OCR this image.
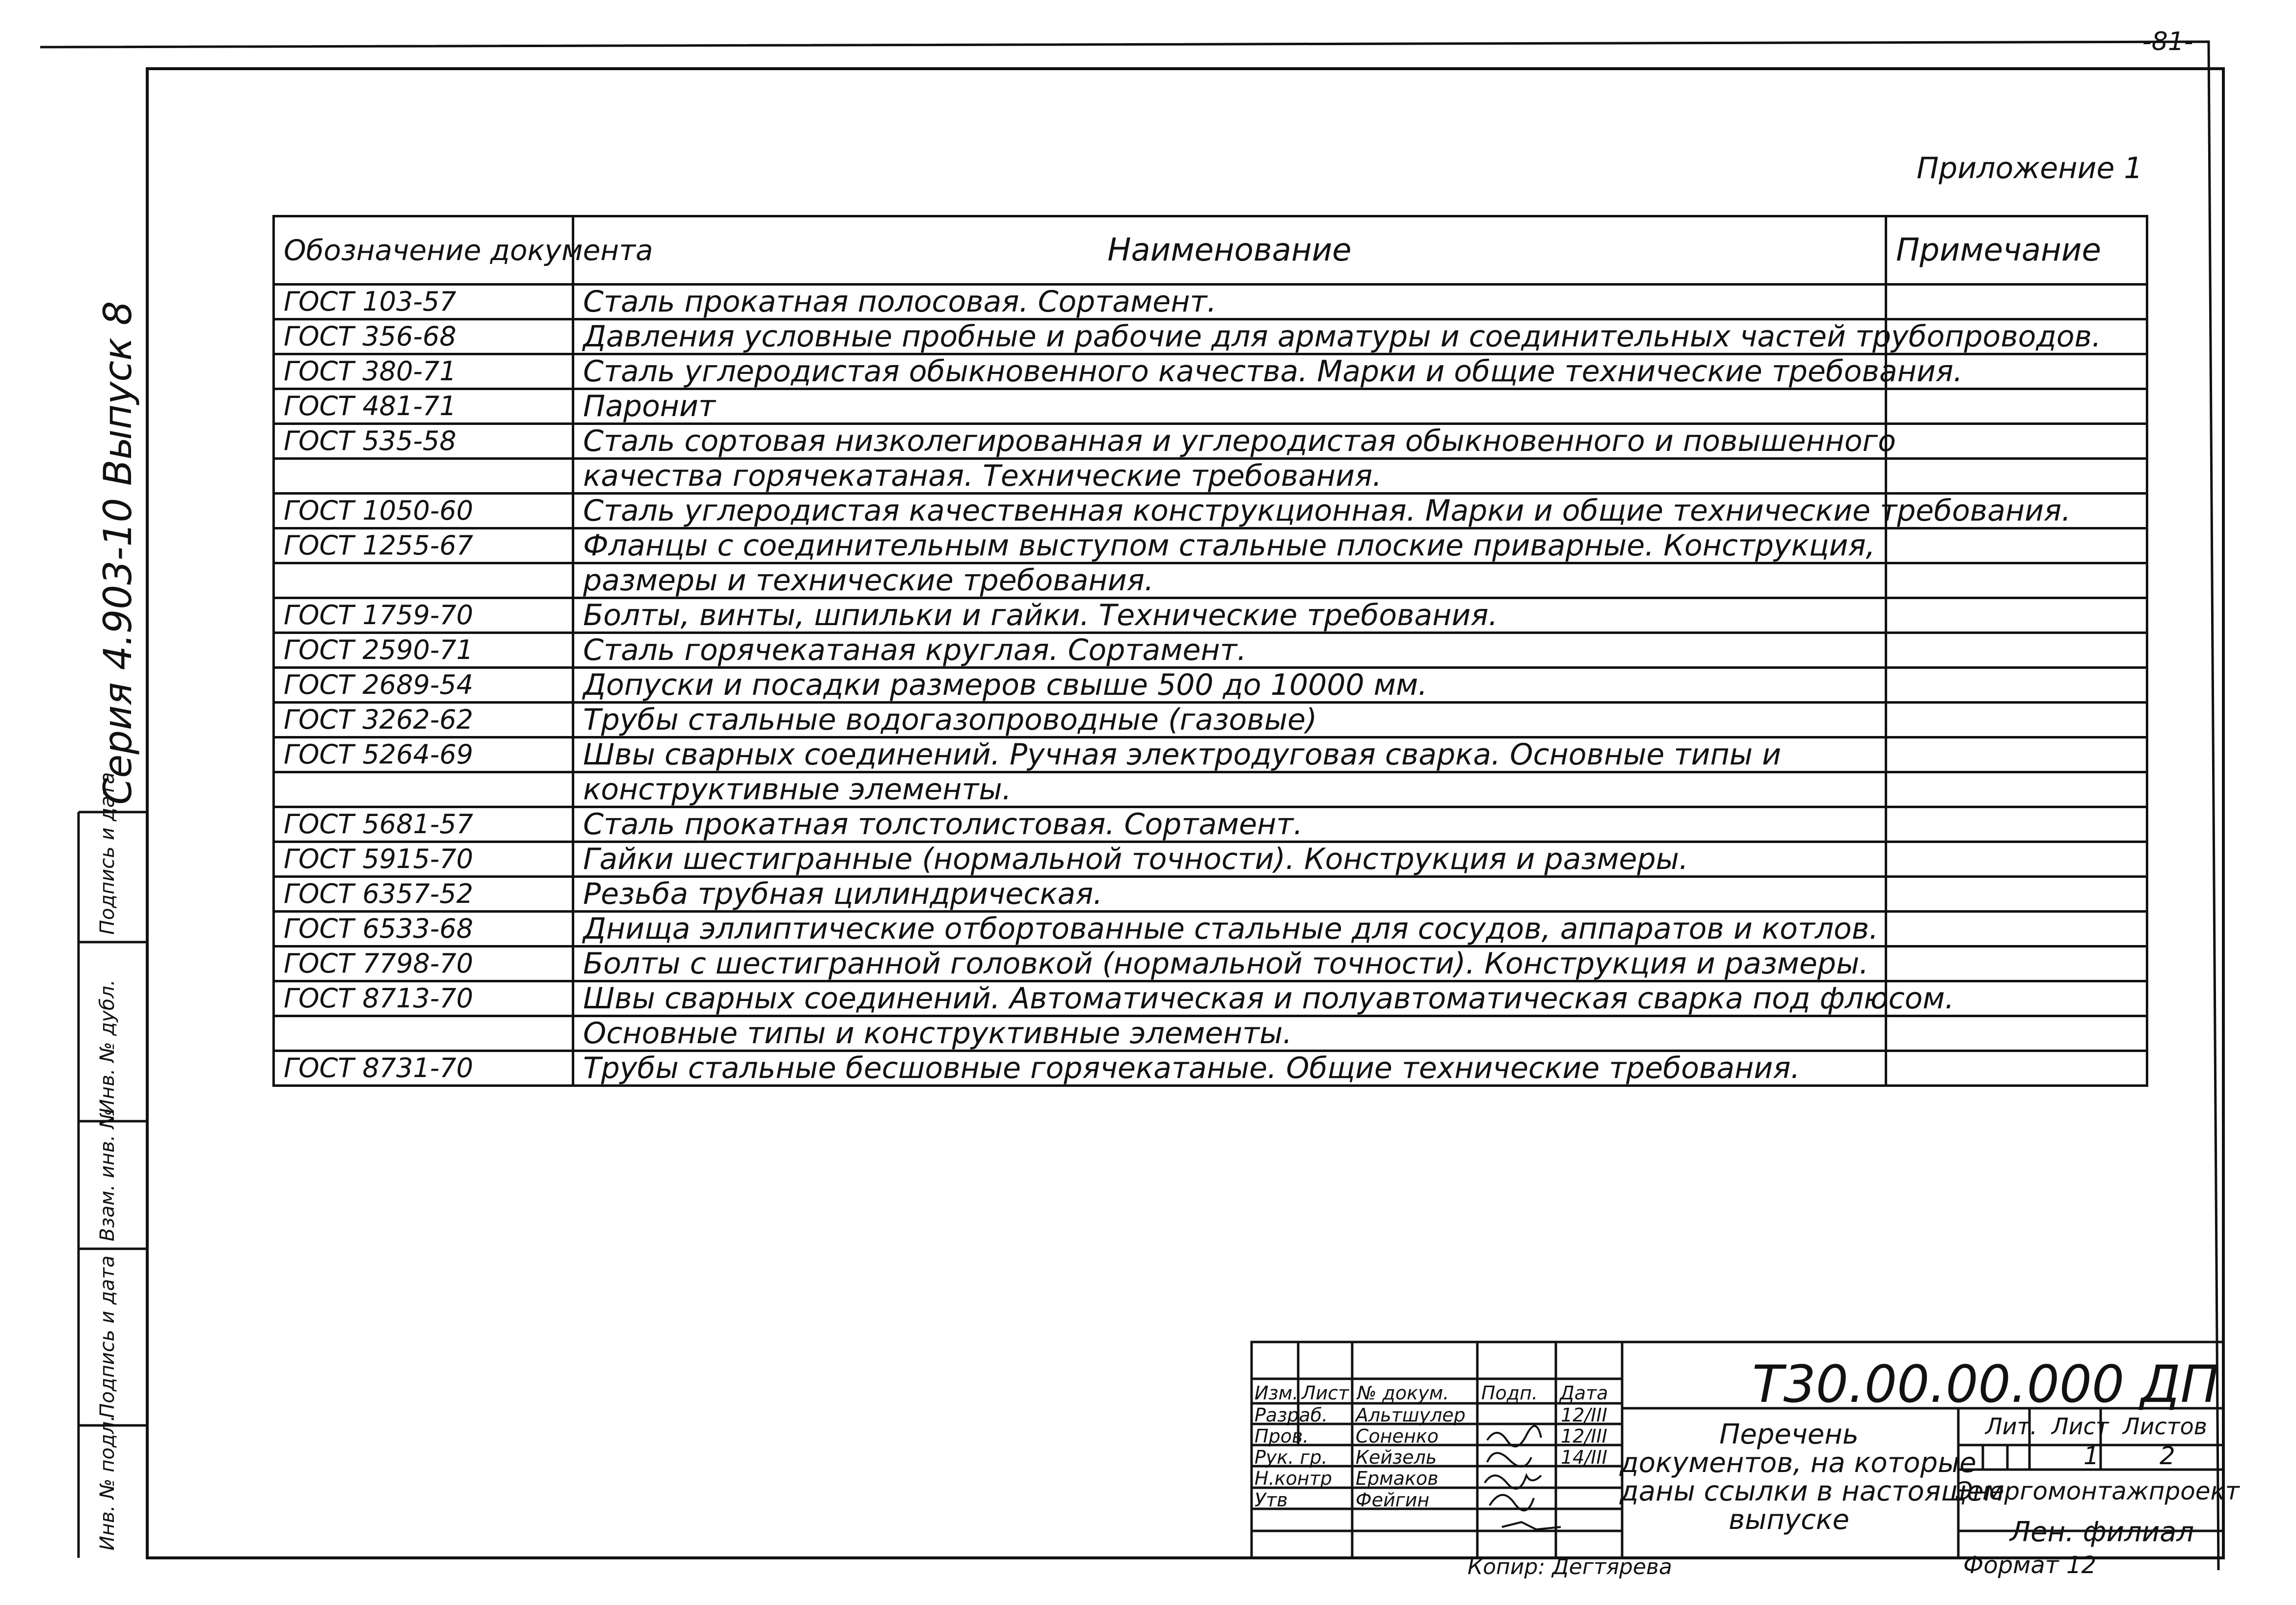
-81-
Приложение 1
Обозначение документа	Наименование	Примечание
ГОСТ 103-57	Сталь прокатная полосовая. Сортамент.	
ГОСТ 356-68	Давления условные пробные и рабочие для арматуры и соединительных частей трубопроводов.	
ГОСТ 380-71	Сталь углеродистая обыкновенного качества. Марки и общие технические требования.	
ГОСТ 481-71	Паронит	
ГОСТ 535-58	Сталь сортовая низколегированная и углеродистая обыкновенного и повышенного	
	качества горячекатаная. Технические требования.	
ГОСТ 1050-60	Сталь углеродистая качественная конструкционная. Марки и общие технические требования.	
ГОСТ 1255-67	Фланцы с соединительным выступом стальные плоские приварные. Конструкция,	
	размеры и технические требования.	
ГОСТ 1759-70	Болты, винты, шпильки и гайки. Технические требования.	
ГОСТ 2590-71	Сталь горячекатаная круглая. Сортамент.	
ГОСТ 2689-54	Допуски и посадки размеров свыше 500 до 10000 мм.	
ГОСТ 3262-62	Трубы стальные водогазопроводные (газовые)	
ГОСТ 5264-69	Швы сварных соединений. Ручная электродуговая сварка. Основные типы и	
	конструктивные элементы.	
ГОСТ 5681-57	Сталь прокатная толстолистовая. Сортамент.	
ГОСТ 5915-70	Гайки шестигранные (нормальной точности). Конструкция и размеры.	
ГОСТ 6357-52	Резьба трубная цилиндрическая.	
ГОСТ 6533-68	Днища эллиптические отбортованные стальные для сосудов, аппаратов и котлов.	
ГОСТ 7798-70	Болты с шестигранной головкой (нормальной точности). Конструкция и размеры.	
ГОСТ 8713-70	Швы сварных соединений. Автоматическая и полуавтоматическая сварка под флюсом.	
	Основные типы и конструктивные элементы.	
ГОСТ 8731-70	Трубы стальные бесшовные горячекатаные. Общие технические требования.	
Серия 4.903-10 Выпуск 8
Подпись и дата
Инв. № дубл.
Взам. инв. №
Подпись и дата
Инв. № подл.
Т30.00.00.000 ДП
Перечень
документов, на которые
даны ссылки в настоящем
выпуске
Лит. Лист Листов
1 2
Энергомонтажпроект
Лен. филиал
Копир: Дегтярева	Формат 12
Изм. Лист № докум. Подп. Дата
Разраб. Альтшулер	12/III
Пров.	Соненко	12/III
Рук. гр. Кейзель	14/III
Н.контр Ермаков
Утв	Фейгин
